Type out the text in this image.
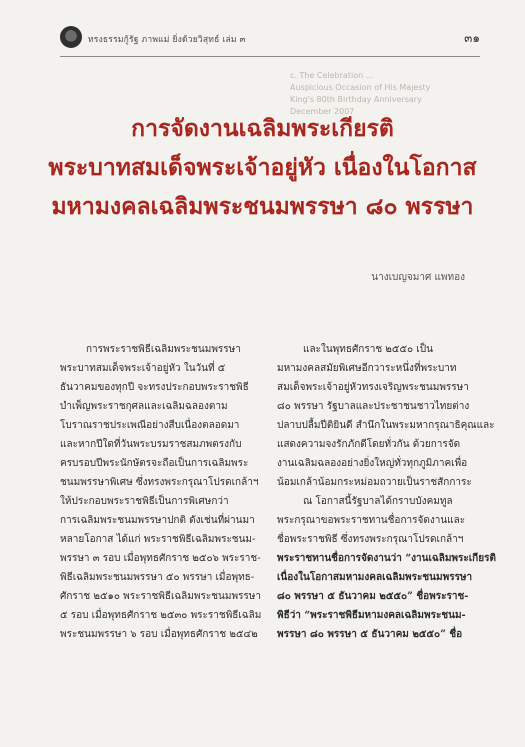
ทรงธรรมกู้รัฐ ภาพแม่ ยิ่งด้วยวิสุทธ์ เล่ม ๓	๓๑
c. The Celebration ...
Auspicious Occasion of His Majesty
King's 80th Birthday Anniversary
December 2007
การจัดงานเฉลิมพระเกียรติ
พระบาทสมเด็จพระเจ้าอยู่หัว เนื่องในโอกาส
มหามงคลเฉลิมพระชนมพรรษา ๘๐ พรรษา
นางเบญจมาศ แพทอง
การพระราชพิธีเฉลิมพระชนมพรรษา
พระบาทสมเด็จพระเจ้าอยู่หัว ในวันที่ ๕
ธันวาคมของทุกปี จะทรงประกอบพระราชพิธี
บำเพ็ญพระราชกุศลและเฉลิมฉลองตาม
โบราณราชประเพณีอย่างสืบเนื่องตลอดมา
และหากปีใดที่วันพระบรมราชสมภพตรงกับ
ครบรอบปีพระนักษัตรจะถือเป็นการเฉลิมพระ
ชนมพรรษาพิเศษ ซึ่งทรงพระกรุณาโปรดเกล้าฯ
ให้ประกอบพระราชพิธีเป็นการพิเศษกว่า
การเฉลิมพระชนมพรรษาปกติ ดังเช่นที่ผ่านมา
หลายโอกาส ได้แก่ พระราชพิธีเฉลิมพระชนม-
พรรษา ๓ รอบ เมื่อพุทธศักราช ๒๕๐๖ พระราช-
พิธีเฉลิมพระชนมพรรษา ๕๐ พรรษา เมื่อพุทธ-
ศักราช ๒๕๑๐ พระราชพิธีเฉลิมพระชนมพรรษา
๕ รอบ เมื่อพุทธศักราช ๒๕๓๐ พระราชพิธีเฉลิม
พระชนมพรรษา ๖ รอบ เมื่อพุทธศักราช ๒๕๔๒
และในพุทธศักราช ๒๕๕๐ เป็น
มหามงคลสมัยพิเศษอีกวาระหนึ่งที่พระบาท
สมเด็จพระเจ้าอยู่หัวทรงเจริญพระชนมพรรษา
๘๐ พรรษา รัฐบาลและประชาชนชาวไทยต่าง
ปลาบปลื้มปีติยินดี สำนึกในพระมหากรุณาธิคุณและ
แสดงความจงรักภักดีโดยทั่วกัน ด้วยการจัด
งานเฉลิมฉลองอย่างยิ่งใหญ่ทั่วทุกภูมิภาคเพื่อ
น้อมเกล้าน้อมกระหม่อมถวายเป็นราชสักการะ
ณ โอกาสนี้รัฐบาลได้กราบบังคมทูล
พระกรุณาขอพระราชทานชื่อการจัดงานและ
ชื่อพระราชพิธี ซึ่งทรงพระกรุณาโปรดเกล้าฯ
พระราชทานชื่อการจัดงานว่า “งานเฉลิมพระเกียรติ
เนื่องในโอกาสมหามงคลเฉลิมพระชนมพรรษา
๘๐ พรรษา ๕ ธันวาคม ๒๕๕๐” ชื่อพระราช-
พิธีว่า “พระราชพิธีมหามงคลเฉลิมพระชนม-
พรรษา ๘๐ พรรษา ๕ ธันวาคม ๒๕๕๐” ชื่อ
